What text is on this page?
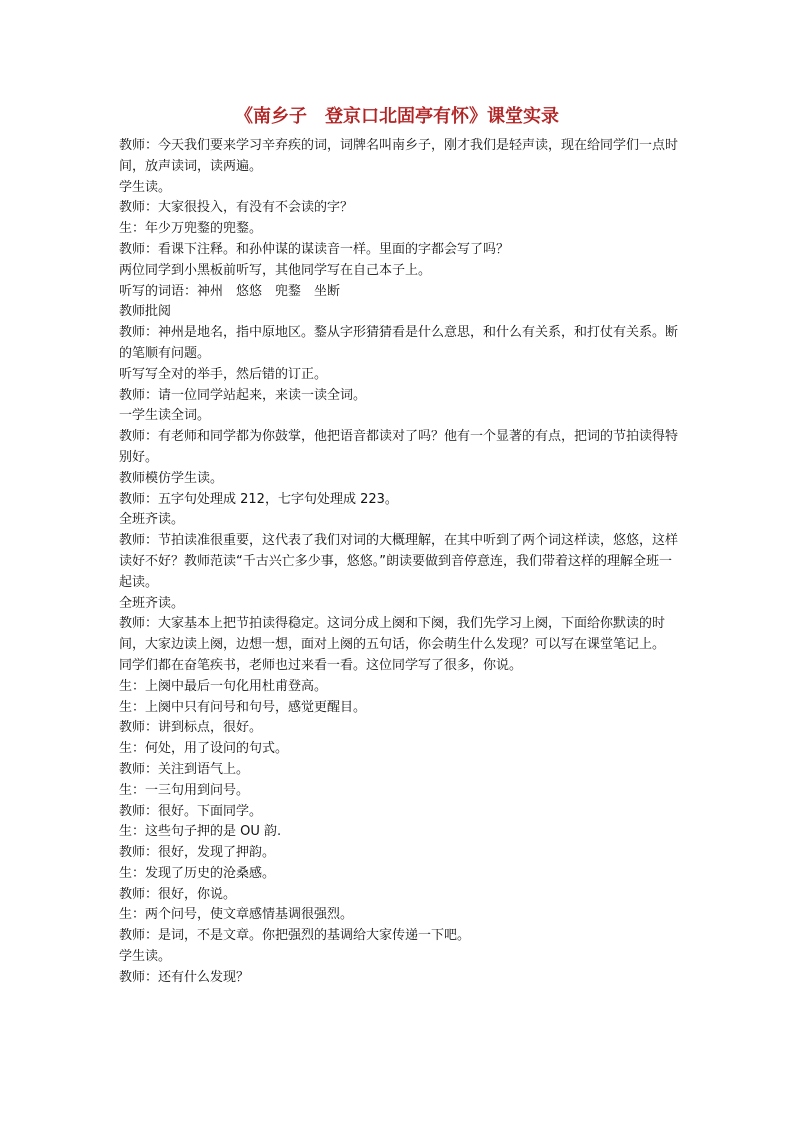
《南乡子　登京口北固亭有怀》课堂实录

教师：今天我们要来学习辛弃疾的词，词牌名叫南乡子，刚才我们是轻声读，现在给同学们一点时间，放声读词，读两遍。

学生读。

教师：大家很投入，有没有不会读的字？

生：年少万兜鍪的兜鍪。

教师：看课下注释。和孙仲谋的谋读音一样。里面的字都会写了吗？

两位同学到小黑板前听写，其他同学写在自己本子上。

听写的词语：神州　悠悠　兜鍪　坐断

教师批阅

教师：神州是地名，指中原地区。鍪从字形猜猜看是什么意思，和什么有关系，和打仗有关系。断的笔顺有问题。

听写写全对的举手，然后错的订正。

教师：请一位同学站起来，来读一读全词。

一学生读全词。

教师：有老师和同学都为你鼓掌，他把语音都读对了吗？他有一个显著的有点，把词的节拍读得特别好。

教师模仿学生读。

教师：五字句处理成 212，七字句处理成 223。

全班齐读。

教师：节拍读准很重要，这代表了我们对词的大概理解，在其中听到了两个词这样读，悠悠，这样读好不好？教师范读“千古兴亡多少事，悠悠。”朗读要做到音停意连，我们带着这样的理解全班一起读。

全班齐读。

教师：大家基本上把节拍读得稳定。这词分成上阕和下阕，我们先学习上阕，下面给你默读的时间，大家边读上阕，边想一想，面对上阕的五句话，你会萌生什么发现？可以写在课堂笔记上。

同学们都在奋笔疾书，老师也过来看一看。这位同学写了很多，你说。

生：上阕中最后一句化用杜甫登高。

生：上阕中只有问号和句号，感觉更醒目。

教师：讲到标点，很好。

生：何处，用了设问的句式。

教师：关注到语气上。

生：一三句用到问号。

教师：很好。下面同学。

生：这些句子押的是 OU 韵.

教师：很好，发现了押韵。

生：发现了历史的沧桑感。

教师：很好，你说。

生：两个问号，使文章感情基调很强烈。

教师：是词，不是文章。你把强烈的基调给大家传递一下吧。

学生读。

教师：还有什么发现？
